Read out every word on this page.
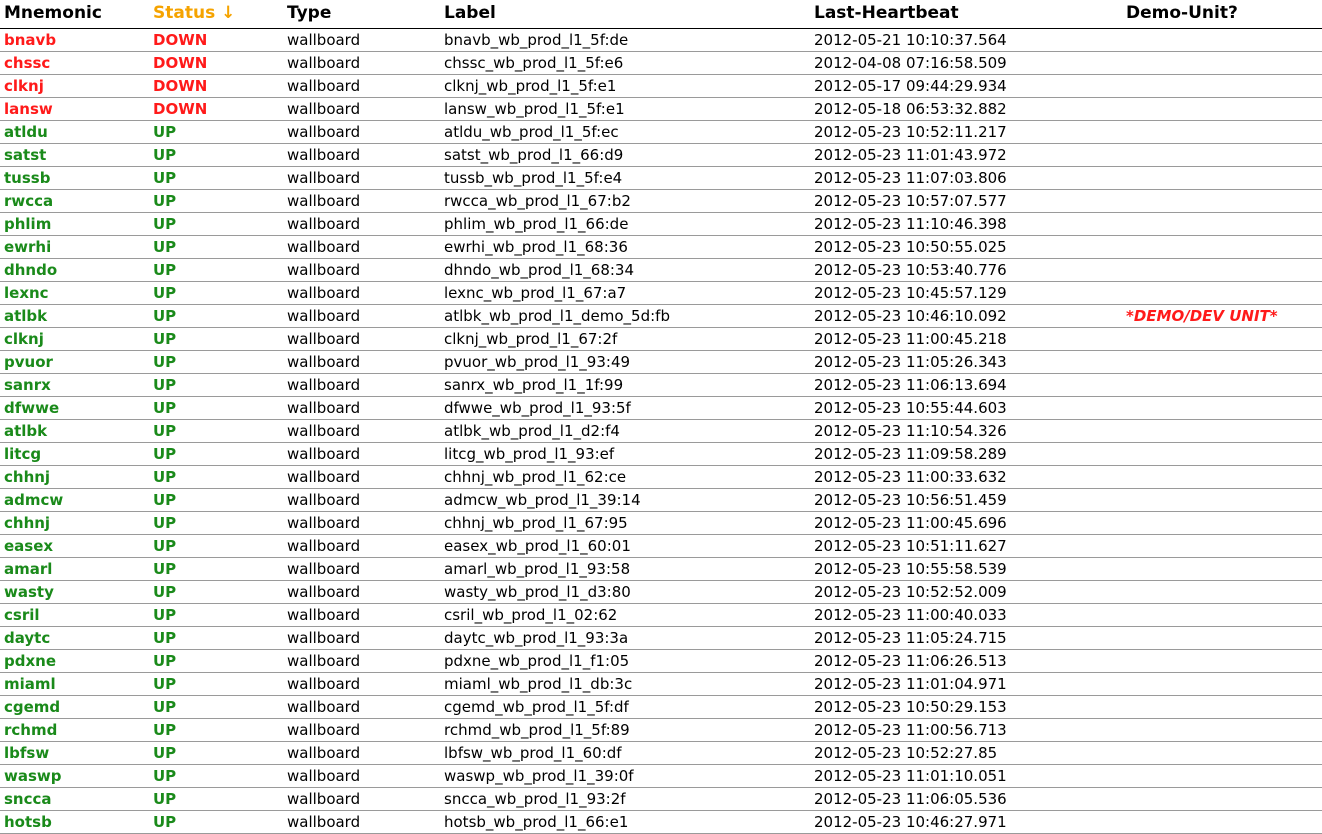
Mnemonic	Status ↓	Type	Label	Last-Heartbeat	Demo-Unit?
bnavb	DOWN	wallboard	bnavb_wb_prod_l1_5f:de	2012-05-21 10:10:37.564	
chssc	DOWN	wallboard	chssc_wb_prod_l1_5f:e6	2012-04-08 07:16:58.509	
clknj	DOWN	wallboard	clknj_wb_prod_l1_5f:e1	2012-05-17 09:44:29.934	
lansw	DOWN	wallboard	lansw_wb_prod_l1_5f:e1	2012-05-18 06:53:32.882	
atldu	UP	wallboard	atldu_wb_prod_l1_5f:ec	2012-05-23 10:52:11.217	
satst	UP	wallboard	satst_wb_prod_l1_66:d9	2012-05-23 11:01:43.972	
tussb	UP	wallboard	tussb_wb_prod_l1_5f:e4	2012-05-23 11:07:03.806	
rwcca	UP	wallboard	rwcca_wb_prod_l1_67:b2	2012-05-23 10:57:07.577	
phlim	UP	wallboard	phlim_wb_prod_l1_66:de	2012-05-23 11:10:46.398	
ewrhi	UP	wallboard	ewrhi_wb_prod_l1_68:36	2012-05-23 10:50:55.025	
dhndo	UP	wallboard	dhndo_wb_prod_l1_68:34	2012-05-23 10:53:40.776	
lexnc	UP	wallboard	lexnc_wb_prod_l1_67:a7	2012-05-23 10:45:57.129	
atlbk	UP	wallboard	atlbk_wb_prod_l1_demo_5d:fb	2012-05-23 10:46:10.092	*DEMO/DEV UNIT*
clknj	UP	wallboard	clknj_wb_prod_l1_67:2f	2012-05-23 11:00:45.218	
pvuor	UP	wallboard	pvuor_wb_prod_l1_93:49	2012-05-23 11:05:26.343	
sanrx	UP	wallboard	sanrx_wb_prod_l1_1f:99	2012-05-23 11:06:13.694	
dfwwe	UP	wallboard	dfwwe_wb_prod_l1_93:5f	2012-05-23 10:55:44.603	
atlbk	UP	wallboard	atlbk_wb_prod_l1_d2:f4	2012-05-23 11:10:54.326	
litcg	UP	wallboard	litcg_wb_prod_l1_93:ef	2012-05-23 11:09:58.289	
chhnj	UP	wallboard	chhnj_wb_prod_l1_62:ce	2012-05-23 11:00:33.632	
admcw	UP	wallboard	admcw_wb_prod_l1_39:14	2012-05-23 10:56:51.459	
chhnj	UP	wallboard	chhnj_wb_prod_l1_67:95	2012-05-23 11:00:45.696	
easex	UP	wallboard	easex_wb_prod_l1_60:01	2012-05-23 10:51:11.627	
amarl	UP	wallboard	amarl_wb_prod_l1_93:58	2012-05-23 10:55:58.539	
wasty	UP	wallboard	wasty_wb_prod_l1_d3:80	2012-05-23 10:52:52.009	
csril	UP	wallboard	csril_wb_prod_l1_02:62	2012-05-23 11:00:40.033	
daytc	UP	wallboard	daytc_wb_prod_l1_93:3a	2012-05-23 11:05:24.715	
pdxne	UP	wallboard	pdxne_wb_prod_l1_f1:05	2012-05-23 11:06:26.513	
miaml	UP	wallboard	miaml_wb_prod_l1_db:3c	2012-05-23 11:01:04.971	
cgemd	UP	wallboard	cgemd_wb_prod_l1_5f:df	2012-05-23 10:50:29.153	
rchmd	UP	wallboard	rchmd_wb_prod_l1_5f:89	2012-05-23 11:00:56.713	
lbfsw	UP	wallboard	lbfsw_wb_prod_l1_60:df	2012-05-23 10:52:27.85	
waswp	UP	wallboard	waswp_wb_prod_l1_39:0f	2012-05-23 11:01:10.051	
sncca	UP	wallboard	sncca_wb_prod_l1_93:2f	2012-05-23 11:06:05.536	
hotsb	UP	wallboard	hotsb_wb_prod_l1_66:e1	2012-05-23 10:46:27.971	
